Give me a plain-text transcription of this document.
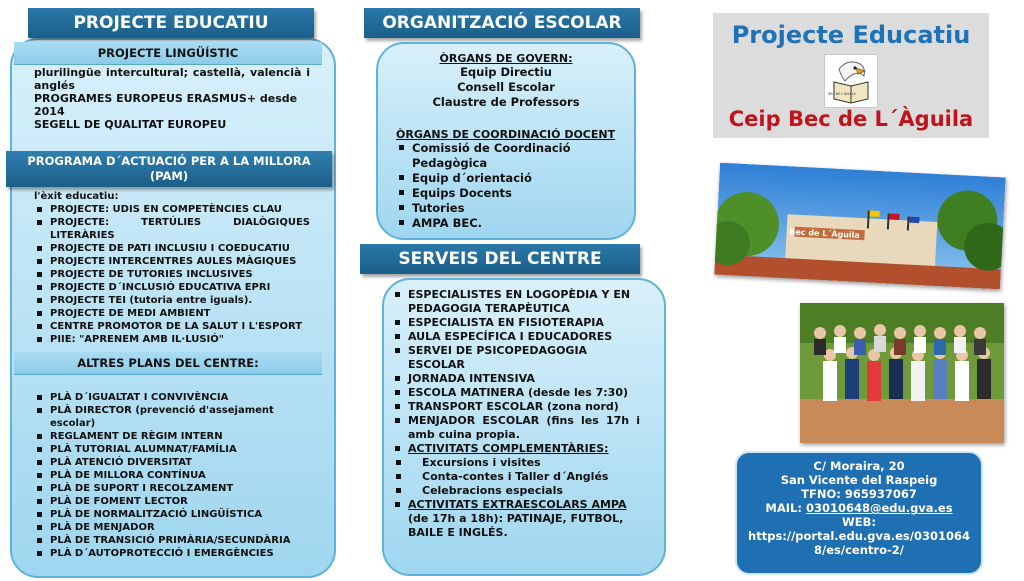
PROJECTE EDUCATIU
PROJECTE LINGÜÍSTIC
plurilingüe intercultural; castellà, valencià i anglés
PROGRAMES EUROPEUS ERASMUS+ desde 2014
SEGELL DE QUALITAT EUROPEU
PROGRAMA D´ACTUACIÓ PER A LA MILLORA (PAM)
l'èxit educatiu:
PROJECTE: UDIS EN COMPETÈNCIES CLAU
PROJECTE: TERTÚLIES DIALÒGIQUES LITERÀRIES
PROJECTE DE PATI INCLUSIU I COEDUCATIU
PROJECTE INTERCENTRES AULES MÀGIQUES
PROJECTE DE TUTORIES INCLUSIVES
PROJECTE D´INCLUSIÓ EDUCATIVA EPRI
PROJECTE TEI (tutoria entre iguals).
PROJECTE DE MEDI AMBIENT
CENTRE PROMOTOR DE LA SALUT I L'ESPORT
PIIE: "APRENEM AMB IL·LUSIÓ"
ALTRES PLANS DEL CENTRE:
PLÀ D´IGUALTAT I CONVIVÈNCIA
PLÀ DIRECTOR (prevenció d'assejament escolar)
REGLAMENT DE RÈGIM INTERN
PLÀ TUTORIAL ALUMNAT/FAMÍLIA
PLÀ ATENCIÓ DIVERSITAT
PLÀ DE MILLORA CONTÍNUA
PLÀ DE SUPORT I RECOLZAMENT
PLÀ DE FOMENT LECTOR
PLÀ DE NORMALITZACIÓ LINGÜÍSTICA
PLÀ DE MENJADOR
PLÀ DE TRANSICIÓ PRIMÀRIA/SECUNDÀRIA
PLÀ D´AUTOPROTECCIÓ I EMERGÈNCIES
ORGANITZACIÓ ESCOLAR
ÒRGANS DE GOVERN:
Equip Directiu
Consell Escolar
Claustre de Professors
ÒRGANS DE COORDINACIÓ DOCENT
Comissió de Coordinació Pedagògica
Equip d´orientació
Equips Docents
Tutories
AMPA BEC.
SERVEIS DEL CENTRE
ESPECIALISTES EN LOGOPÈDIA Y EN PEDAGOGIA TERAPÈUTICA
ESPECIALISTA EN FISIOTERAPIA
AULA ESPECÍFICA I EDUCADORES
SERVEI DE PSICOPEDAGOGIA ESCOLAR
JORNADA INTENSIVA
ESCOLA MATINERA (desde les 7:30)
TRANSPORT ESCOLAR (zona nord)
MENJADOR ESCOLAR (fins les 17h i amb cuina propia.
ACTIVITATS COMPLEMENTÀRIES:
Excursions i visites
Conta-contes i Taller d´Anglés
Celebracions especials
ACTIVITATS EXTRAESCOLARS AMPA
(de 17h a 18h): PATINAJE, FUTBOL, BAILE E INGLÉS.
Projecte Educatiu
BEC DE L'ÀGUILA
Ceip Bec de L´Àguila
Bec de L´Àguila
C/ Moraira, 20
San Vicente del Raspeig
TFNO: 965937067
MAIL: 03010648@edu.gva.es
WEB:
https://portal.edu.gva.es/03010648/es/centro-2/
